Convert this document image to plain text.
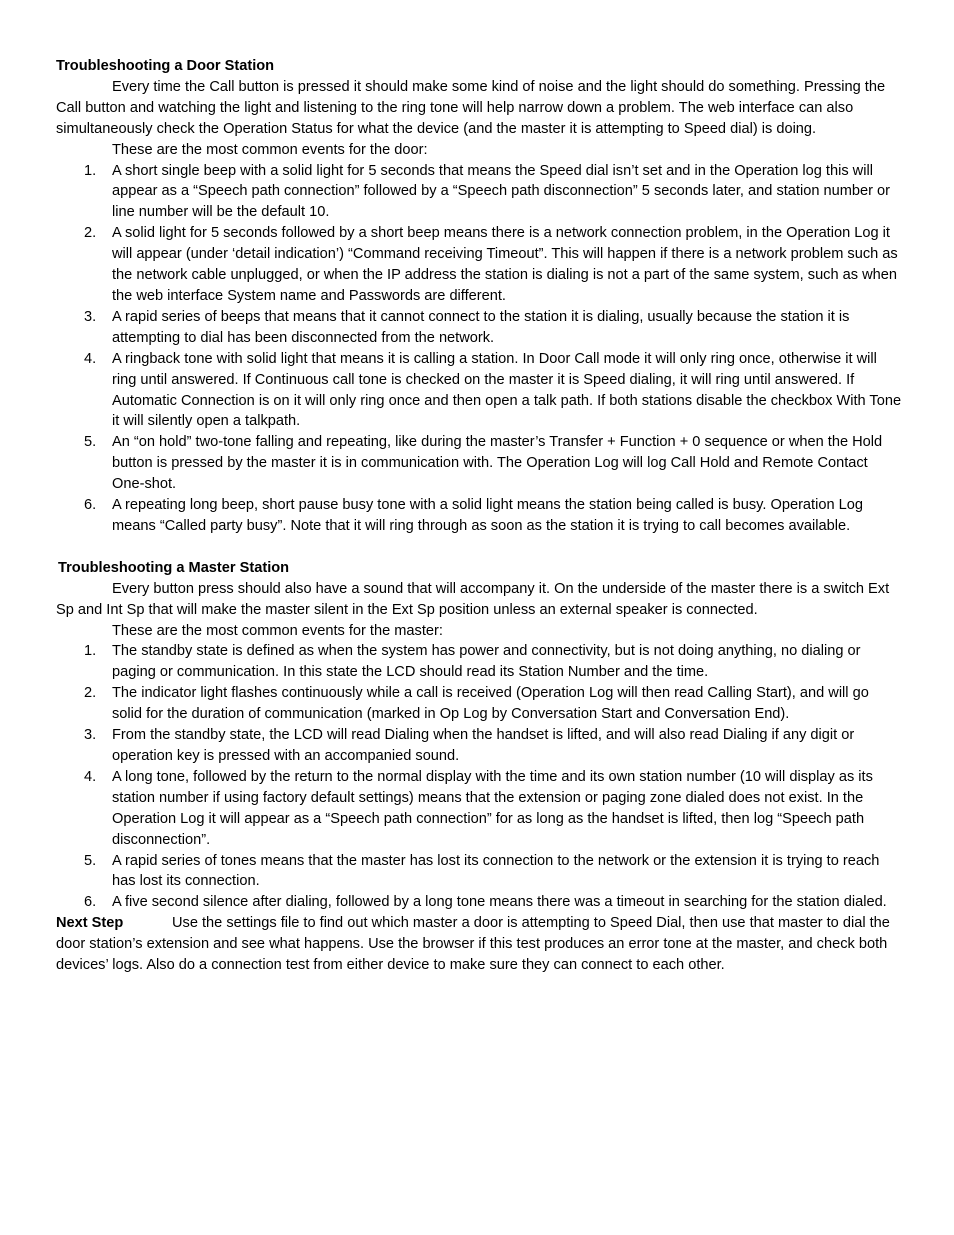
Troubleshooting a Door Station

Every time the Call button is pressed it should make some kind of noise and the light should do something. Pressing the Call button and watching the light and listening to the ring tone will help narrow down a problem. The web interface can also simultaneously check the Operation Status for what the device (and the master it is attempting to Speed dial) is doing.

These are the most common events for the door:

1. A short single beep with a solid light for 5 seconds that means the Speed dial isn’t set and in the Operation log this will appear as a “Speech path connection” followed by a “Speech path disconnection” 5 seconds later, and station number or line number will be the default 10.
2. A solid light for 5 seconds followed by a short beep means there is a network connection problem, in the Operation Log it will appear (under ‘detail indication’) “Command receiving Timeout”. This will happen if there is a network problem such as the network cable unplugged, or when the IP address the station is dialing is not a part of the same system, such as when the web interface System name and Passwords are different.
3. A rapid series of beeps that means that it cannot connect to the station it is dialing, usually because the station it is attempting to dial has been disconnected from the network.
4. A ringback tone with solid light that means it is calling a station. In Door Call mode it will only ring once, otherwise it will ring until answered. If Continuous call tone is checked on the master it is Speed dialing, it will ring until answered. If Automatic Connection is on it will only ring once and then open a talk path. If both stations disable the checkbox With Tone it will silently open a talkpath.
5. An “on hold” two-tone falling and repeating, like during the master’s Transfer + Function + 0 sequence or when the Hold button is pressed by the master it is in communication with. The Operation Log will log Call Hold and Remote Contact One-shot.
6. A repeating long beep, short pause busy tone with a solid light means the station being called is busy. Operation Log means “Called party busy”. Note that it will ring through as soon as the station it is trying to call becomes available.

Troubleshooting a Master Station

Every button press should also have a sound that will accompany it. On the underside of the master there is a switch Ext Sp and Int Sp that will make the master silent in the Ext Sp position unless an external speaker is connected.

These are the most common events for the master:

1. The standby state is defined as when the system has power and connectivity, but is not doing anything, no dialing or paging or communication. In this state the LCD should read its Station Number and the time.
2. The indicator light flashes continuously while a call is received (Operation Log will then read Calling Start), and will go solid for the duration of communication (marked in Op Log by Conversation Start and Conversation End).
3. From the standby state, the LCD will read Dialing when the handset is lifted, and will also read Dialing if any digit or operation key is pressed with an accompanied sound.
4. A long tone, followed by the return to the normal display with the time and its own station number (10 will display as its station number if using factory default settings) means that the extension or paging zone dialed does not exist. In the Operation Log it will appear as a “Speech path connection” for as long as the handset is lifted, then log “Speech path disconnection”.
5. A rapid series of tones means that the master has lost its connection to the network or the extension it is trying to reach has lost its connection.
6. A five second silence after dialing, followed by a long tone means there was a timeout in searching for the station dialed.

Next Step	Use the settings file to find out which master a door is attempting to Speed Dial, then use that master to dial the door station’s extension and see what happens. Use the browser if this test produces an error tone at the master, and check both devices’ logs. Also do a connection test from either device to make sure they can connect to each other.
